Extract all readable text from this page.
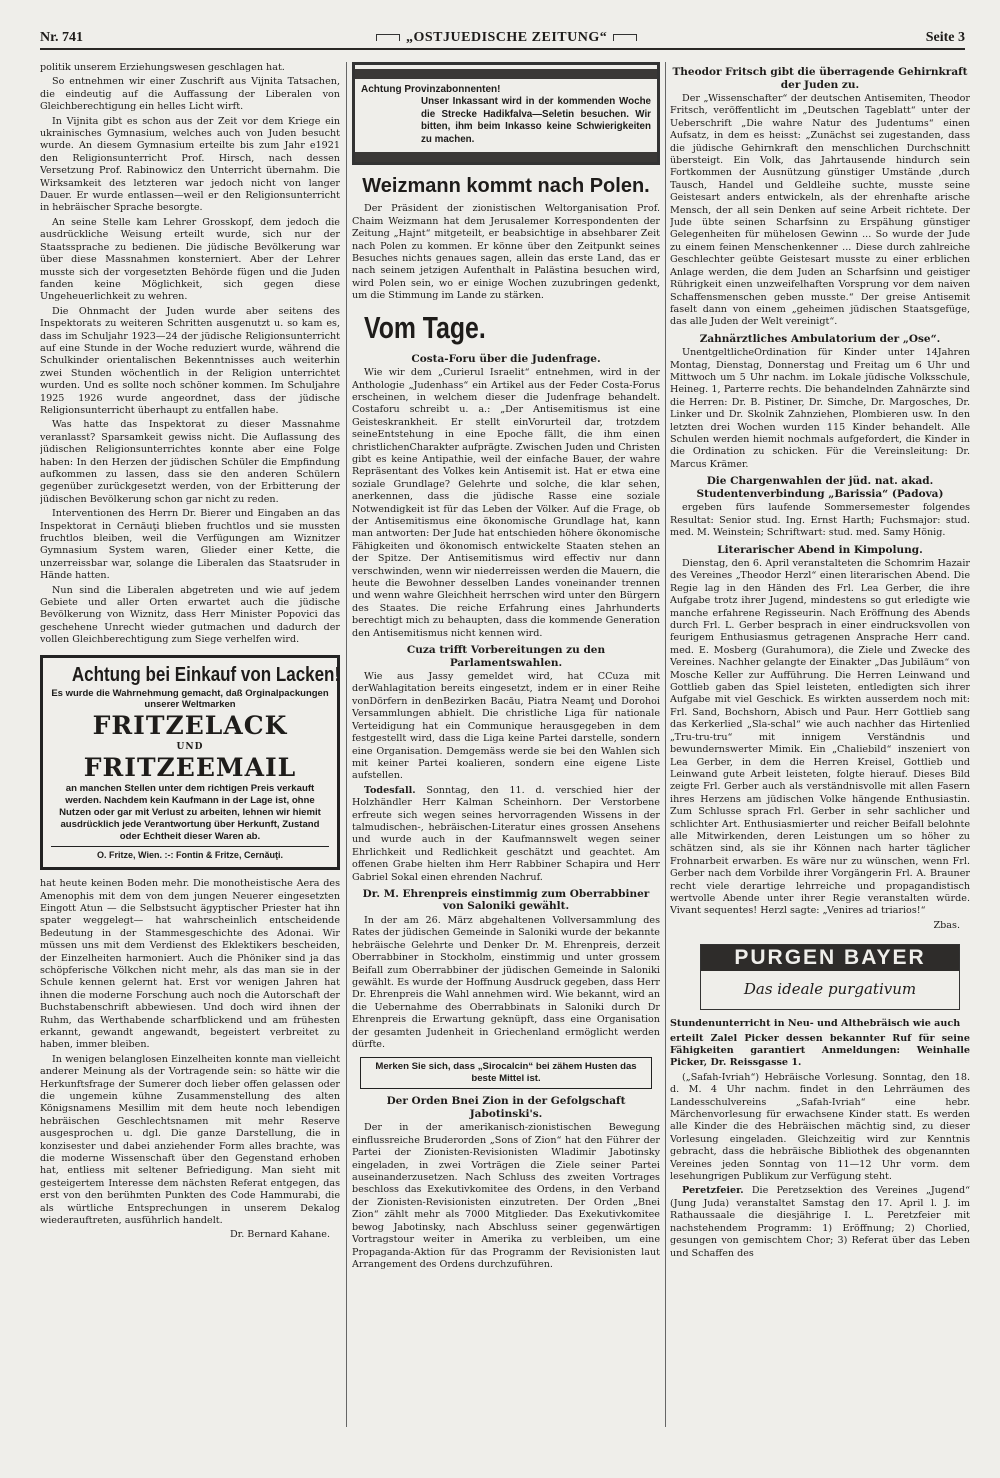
Nr. 741	„OSTJUEDISCHE ZEITUNG“	Seite 3

politik unserem Erziehungswesen geschlagen hat.

So entnehmen wir einer Zuschrift aus Vijnita Tatsachen, die eindeutig auf die Auffassung der Liberalen von Gleichberechtigung ein helles Licht wirft.

In Vijnita gibt es schon aus der Zeit vor dem Kriege ein ukrainisches Gymnasium, welches auch von Juden besucht wurde. An diesem Gymnasium erteilte bis zum Jahr e1921 den Religionsunterricht Prof. Hirsch, nach dessen Versetzung Prof. Rabinowicz den Unterricht übernahm. Die Wirksamkeit des letzteren war jedoch nicht von langer Dauer. Er wurde entlassen—weil er den Religionsunterricht in hebräischer Sprache besorgte.

An seine Stelle kam Lehrer Grosskopf, dem jedoch die ausdrückliche Weisung erteilt wurde, sich nur der Staatssprache zu bedienen. Die jüdische Bevölkerung war über diese Massnahmen konsterniert. Aber der Lehrer musste sich der vorgesetzten Behörde fügen und die Juden fanden keine Möglichkeit, sich gegen diese Ungeheuerlichkeit zu wehren.

Die Ohnmacht der Juden wurde aber seitens des Inspektorats zu weiteren Schritten ausgenutzt u. so kam es, dass im Schuljahr 1923—24 der jüdische Religionsunterricht auf eine Stunde in der Woche reduziert wurde, während die Schulkinder orientalischen Bekenntnisses auch weiterhin zwei Stunden wöchentlich in der Religion unterrichtet wurden. Und es sollte noch schöner kommen. Im Schuljahre 1925 1926 wurde angeordnet, dass der jüdische Religionsunterricht überhaupt zu entfallen habe.

Was hatte das Inspektorat zu dieser Massnahme veranlasst? Sparsamkeit gewiss nicht. Die Auflassung des jüdischen Religionsunterrichtes konnte aber eine Folge haben: In den Herzen der jüdischen Schüler die Empfindung aufkommen zu lassen, dass sie den anderen Schülern gegenüber zurückgesetzt werden, von der Erbitterung der jüdischen Bevölkerung schon gar nicht zu reden.

Interventionen des Herrn Dr. Bierer und Eingaben an das Inspektorat in Cernăuţi blieben fruchtlos und sie mussten fruchtlos bleiben, weil die Verfügungen am Wiznitzer Gymnasium System waren, Glieder einer Kette, die unzerreissbar war, solange die Liberalen das Staatsruder in Hände hatten.

Nun sind die Liberalen abgetreten und wie auf jedem Gebiete und aller Orten erwartet auch die jüdische Bevölkerung von Wiznitz, dass Herr Minister Popovici das geschehene Unrecht wieder gutmachen und dadurch der vollen Gleichberechtigung zum Siege verhelfen wird.

Achtung bei Einkauf von Lacken!
Es wurde die Wahrnehmung gemacht, daß Orginalpackungen unserer Weltmarken
FRITZELACK
UND
FRITZEEMAIL
an manchen Stellen unter dem richtigen Preis verkauft werden. Nachdem kein Kaufmann in der Lage ist, ohne Nutzen oder gar mit Verlust zu arbeiten, lehnen wir hiemit ausdrücklich jede Verantwortung über Herkunft, Zustand oder Echtheit dieser Waren ab.
O. Fritze, Wien. :-: Fontin & Fritze, Cernăuţi.

hat heute keinen Boden mehr. Die monotheistische Aera des Amenophis mit dem von dem jungen Neuerer eingesetzten Eingott Atun — die Selbstsucht ägyptischer Priester hat ihn spater weggelegt— hat wahrscheinlich entscheidende Bedeutung in der Stammesgeschichte des Adonai. Wir müssen uns mit dem Verdienst des Eklektikers bescheiden, der Einzelheiten harmoniert. Auch die Phöniker sind ja das schöpferische Völkchen nicht mehr, als das man sie in der Schule kennen gelernt hat. Erst vor wenigen Jahren hat ihnen die moderne Forschung auch noch die Autorschaft der Buchstabenschrift abbewiesen. Und doch wird ihnen der Ruhm, das Werthabende scharfblickend und am frühesten erkannt, gewandt angewandt, begeistert verbreitet zu haben, immer bleiben.

In wenigen belanglosen Einzelheiten konnte man vielleicht anderer Meinung als der Vortragende sein: so hätte wir die Herkunftsfrage der Sumerer doch lieber offen gelassen oder die ungemein kühne Zusammenstellung des alten Königsnamens Mesillim mit dem heute noch lebendigen hebräischen Geschlechtsnamen mit mehr Reserve ausgesprochen u. dgl. Die ganze Darstellung, die in konzisester und dabei anziehender Form alles brachte, was die moderne Wissenschaft über den Gegenstand erhoben hat, entliess mit seltener Befriedigung. Man sieht mit gesteigertem Interesse dem nächsten Referat entgegen, das erst von den berühmten Punkten des Code Hammurabi, die als würtliche Entsprechungen in unserem Dekalog wiederauftreten, ausführlich handelt.

Dr. Bernard Kahane.

Achtung Provinzabonnenten!
Unser Inkassant wird in der kommenden Woche die Strecke Hadikfalva—Seletin besuchen. Wir bitten, ihm beim Inkasso keine Schwierigkeiten zu machen.
Weizmann kommt nach Polen.

Der Präsident der zionistischen Weltorganisation Prof. Chaim Weizmann hat dem Jerusalemer Korrespondenten der Zeitung „Hajnt“ mitgeteilt, er beabsichtige in absehbarer Zeit nach Polen zu kommen. Er könne über den Zeitpunkt seines Besuches nichts genaues sagen, allein das erste Land, das er nach seinem jetzigen Aufenthalt in Palästina besuchen wird, wird Polen sein, wo er einige Wochen zuzubringen gedenkt, um die Stimmung im Lande zu stärken.

Vom Tage.

Costa-Foru über die Judenfrage.

Wie wir dem „Curierul Israelit“ entnehmen, wird in der Anthologie „Judenhass“ ein Artikel aus der Feder Costa-Forus erscheinen, in welchem dieser die Judenfrage behandelt. Costaforu schreibt u. a.: „Der Antisemitismus ist eine Geisteskrankheit. Er stellt einVorurteil dar, trotzdem seineEntstehung in eine Epoche fällt, die ihm einen christlichenCharakter aufprägte. Zwischen Juden und Christen gibt es keine Antipathie, weil der einfache Bauer, der wahre Repräsentant des Volkes kein Antisemit ist. Hat er etwa eine soziale Grundlage? Gelehrte und solche, die klar sehen, anerkennen, dass die jüdische Rasse eine soziale Notwendigkeit ist für das Leben der Völker. Auf die Frage, ob der Antisemitismus eine ökonomische Grundlage hat, kann man antworten: Der Jude hat entschieden höhere ökonomische Fähigkeiten und ökonomisch entwickelte Staaten stehen an der Spitze. Der Antisemitismus wird effectiv nur dann verschwinden, wenn wir niederreissen werden die Mauern, die heute die Bewohner desselben Landes voneinander trennen und wenn wahre Gleichheit herrschen wird unter den Bürgern des Staates. Die reiche Erfahrung eines Jahrhunderts berechtigt mich zu behaupten, dass die kommende Generation den Antisemitismus nicht kennen wird.

Cuza trifft Vorbereitungen zu den Parlamentswahlen.

Wie aus Jassy gemeldet wird, hat CCuza mit derWahlagitation bereits eingesetzt, indem er in einer Reihe vonDörfern in denBezirken Bacău, Piatra Neamţ und Dorohoi Versammlungen abhielt. Die christliche Liga für nationale Verteidigung hat ein Communique herausgegeben in dem festgestellt wird, dass die Liga keine Partei darstelle, sondern eine Organisation. Demgemäss werde sie bei den Wahlen sich mit keiner Partei koalieren, sondern eine eigene Liste aufstellen.

Todesfall. Sonntag, den 11. d. verschied hier der Holzhändler Herr Kalman Scheinhorn. Der Verstorbene erfreute sich wegen seines hervorragenden Wissens in der talmudischen-, hebräischen-Literatur eines grossen Ansehens und wurde auch in der Kaufmannswelt wegen seiner Ehrlichkeit und Redlichkeit geschätzt und geachtet. Am offenen Grabe hielten ihm Herr Rabbiner Schapira und Herr Gabriel Sokal einen ehrenden Nachruf.

Dr. M. Ehrenpreis einstimmig zum Oberrabbiner von Saloniki gewählt.

In der am 26. März abgehaltenen Vollversammlung des Rates der jüdischen Gemeinde in Saloniki wurde der bekannte hebräische Gelehrte und Denker Dr. M. Ehrenpreis, derzeit Oberrabbiner in Stockholm, einstimmig und unter grossem Beifall zum Oberrabbiner der jüdischen Gemeinde in Saloniki gewählt. Es wurde der Hoffnung Ausdruck gegeben, dass Herr Dr. Ehrenpreis die Wahl annehmen wird. Wie bekannt, wird an die Uebernahme des Oberrabbinats in Saloniki durch Dr Ehrenpreis die Erwartung geknüpft, dass eine Organisation der gesamten Judenheit in Griechenland ermöglicht werden dürfte.

Merken Sie sich, dass „Sirocalcin“ bei zähem Husten das beste Mittel ist.

Der Orden Bnei Zion in der Gefolgschaft Jabotinski's.

Der in der amerikanisch-zionistischen Bewegung einflussreiche Bruderorden „Sons of Zion“ hat den Führer der Partei der Zionisten-Revisionisten Wladimir Jabotinsky eingeladen, in zwei Vorträgen die Ziele seiner Partei auseinanderzusetzen. Nach Schluss des zweiten Vortrages beschloss das Exekutivkomitee des Ordens, in den Verband der Zionisten-Revisionisten einzutreten. Der Orden „Bnei Zion“ zählt mehr als 7000 Mitglieder. Das Exekutivkomitee bewog Jabotinsky, nach Abschluss seiner gegenwärtigen Vortragstour weiter in Amerika zu verbleiben, um eine Propaganda-Aktion für das Programm der Revisionisten laut Arrangement des Ordens durchzuführen.

Theodor Fritsch gibt die überragende Gehirnkraft der Juden zu.

Der „Wissenschafter“ der deutschen Antisemiten, Theodor Fritsch, veröffentlicht im „Deutschen Tageblatt“ unter der Ueberschrift „Die wahre Natur des Judentums“ einen Aufsatz, in dem es heisst: „Zunächst sei zugestanden, dass die jüdische Gehirnkraft den menschlichen Durchschnitt übersteigt. Ein Volk, das Jahrtausende hindurch sein Fortkommen der Ausnützung günstiger Umstände ,durch Tausch, Handel und Geldleihe suchte, musste seine Geistesart anders entwickeln, als der ehrenhafte arische Mensch, der all sein Denken auf seine Arbeit richtete. Der Jude übte seinen Scharfsinn zu Erspähung günstiger Gelegenheiten für mühelosen Gewinn ... So wurde der Jude zu einem feinen Menschenkenner ... Diese durch zahlreiche Geschlechter geübte Geistesart musste zu einer erblichen Anlage werden, die dem Juden an Scharfsinn und geistiger Rührigkeit einen unzweifelhaften Vorsprung vor dem naiven Schaffensmenschen geben musste.“ Der greise Antisemit faselt dann von einem „geheimen jüdischen Staatsgefüge, das alle Juden der Welt vereinigt“.

Zahnärztliches Ambulatorium der „Ose“.

UnentgeltlicheOrdination für Kinder unter 14Jahren Montag, Dienstag, Donnerstag und Freitag um 6 Uhr und Mittwoch um 5 Uhr nachm. im Lokale jüdische Volksschule, Heineg. 1, Parterre rechts. Die behandelnden Zahnärzte sind die Herren: Dr. B. Pistiner, Dr. Simche, Dr. Margosches, Dr. Linker und Dr. Skolnik Zahnziehen, Plombieren usw. In den letzten drei Wochen wurden 115 Kinder behandelt. Alle Schulen werden hiemit nochmals aufgefordert, die Kinder in die Ordination zu schicken. Für die Vereinsleitung: Dr. Marcus Krämer.

Die Chargenwahlen der jüd. nat. akad. Studentenverbindung „Barissia“ (Padova)

ergeben fürs laufende Sommersemester folgendes Resultat: Senior stud. Ing. Ernst Harth; Fuchsmajor: stud. med. M. Weinstein; Schriftwart: stud. med. Samy Hönig.

Literarischer Abend in Kimpolung.

Dienstag, den 6. April veranstalteten die Schomrim Hazair des Vereines „Theodor Herzl“ einen literarischen Abend. Die Regie lag in den Händen des Frl. Lea Gerber, die ihre Aufgabe trotz ihrer Jugend, mindestens so gut erledigte wie manche erfahrene Regisseurin. Nach Eröffnung des Abends durch Frl. L. Gerber besprach in einer eindrucksvollen von feurigem Enthusiasmus getragenen Ansprache Herr cand. med. E. Mosberg (Gurahumora), die Ziele und Zwecke des Vereines. Nachher gelangte der Einakter „Das Jubiläum“ von Mosche Keller zur Aufführung. Die Herren Leinwand und Gottlieb gaben das Spiel leisteten, entledigten sich ihrer Aufgabe mit viel Geschick. Es wirkten ausserdem noch mit: Frl. Sand, Bochshorn, Abisch und Paur. Herr Gottlieb sang das Kerkerlied „Sla-schal“ wie auch nachher das Hirtenlied „Tru-tru-tru“ mit innigem Verständnis und bewundernswerter Mimik. Ein „Chaliebild“ inszeniert von Lea Gerber, in dem die Herren Kreisel, Gottlieb und Leinwand gute Arbeit leisteten, folgte hierauf. Dieses Bild zeigte Frl. Gerber auch als verständnisvolle mit allen Fasern ihres Herzens am jüdischen Volke hängende Enthusiastin. Zum Schlusse sprach Frl. Gerber in sehr sachlicher und schlichter Art. Enthusiasmierter und reicher Beifall belohnte alle Mitwirkenden, deren Leistungen um so höher zu schätzen sind, als sie ihr Können nach harter täglicher Frohnarbeit erwarben. Es wäre nur zu wünschen, wenn Frl. Gerber nach dem Vorbilde ihrer Vorgängerin Frl. A. Brauner recht viele derartige lehrreiche und propagandistisch wertvolle Abende unter ihrer Regie veranstalten würde. Vivant sequentes! Herzl sagte: „Venires ad triarios!“

Zbas.

PURGEN BAYER
Das ideale purgativum

Stundenunterricht in Neu- und Althebräisch wie auch

erteilt Zalel Picker dessen bekannter Ruf für seine Fähigkeiten garantiert Anmeldungen: Weinhalle Picker, Dr. Reissgasse 1.

(„Safah-Ivriah“) Hebräische Vorlesung. Sonntag, den 18. d. M. 4 Uhr nachm. findet in den Lehrräumen des Landesschulvereins „Safah-Ivriah“ eine hebr. Märchenvorlesung für erwachsene Kinder statt. Es werden alle Kinder die des Hebräischen mächtig sind, zu dieser Vorlesung eingeladen. Gleichzeitig wird zur Kenntnis gebracht, dass die hebräische Bibliothek des obgenannten Vereines jeden Sonntag von 11—12 Uhr vorm. dem lesehungrigen Publikum zur Verfügung steht.

Peretzfeier. Die Peretzsektion des Vereines „Jugend“ (Jung Juda) veranstaltet Samstag den 17. April l. J. im Rathaussaale die diesjährige I. L. Peretzfeier mit nachstehendem Programm: 1) Eröffnung; 2) Chorlied, gesungen von gemischtem Chor; 3) Referat über das Leben und Schaffen des
